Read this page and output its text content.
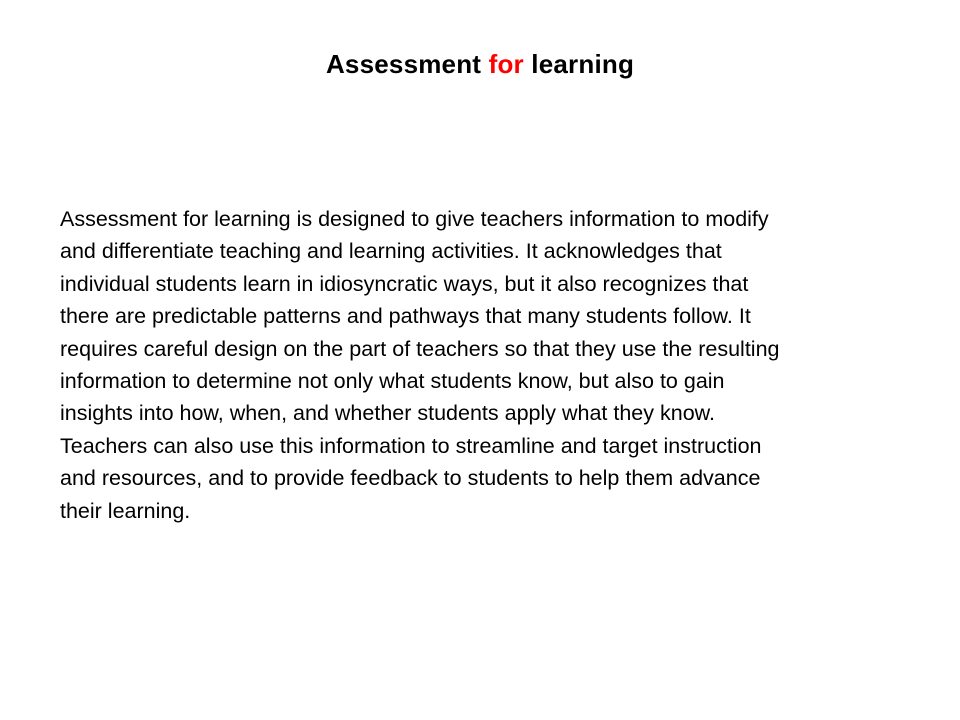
Assessment for learning
Assessment for learning is designed to give teachers information to modify
and differentiate teaching and learning activities. It acknowledges that
individual students learn in idiosyncratic ways, but it also recognizes that
there are predictable patterns and pathways that many students follow. It
requires careful design on the part of teachers so that they use the resulting
information to determine not only what students know, but also to gain
insights into how, when, and whether students apply what they know.
Teachers can also use this information to streamline and target instruction
and resources, and to provide feedback to students to help them advance
their learning.
